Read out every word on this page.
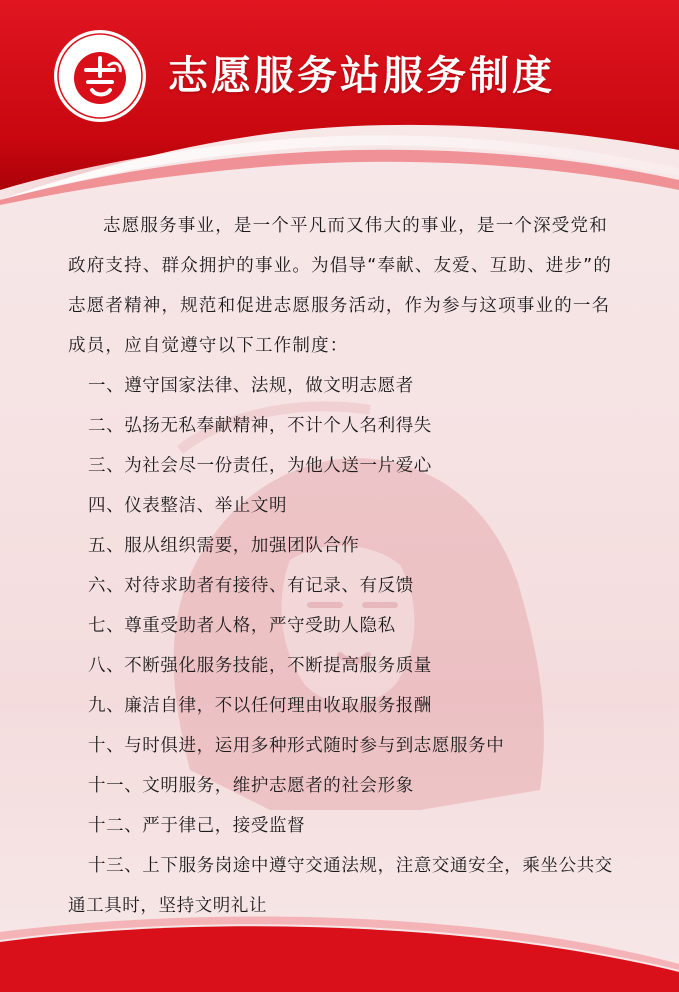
志愿服务站服务制度

志愿服务事业，是一个平凡而又伟大的事业，是一个深受党和政府支持、群众拥护的事业。为倡导“奉献、友爱、互助、进步”的志愿者精神，规范和促进志愿服务活动，作为参与这项事业的一名成员，应自觉遵守以下工作制度：

一、遵守国家法律、法规，做文明志愿者

二、弘扬无私奉献精神，不计个人名利得失

三、为社会尽一份责任，为他人送一片爱心

四、仪表整洁、举止文明

五、服从组织需要，加强团队合作

六、对待求助者有接待、有记录、有反馈

七、尊重受助者人格，严守受助人隐私

八、不断强化服务技能，不断提高服务质量

九、廉洁自律，不以任何理由收取服务报酬

十、与时俱进，运用多种形式随时参与到志愿服务中

十一、文明服务，维护志愿者的社会形象

十二、严于律己，接受监督

十三、上下服务岗途中遵守交通法规，注意交通安全，乘坐公共交通工具时，坚持文明礼让
